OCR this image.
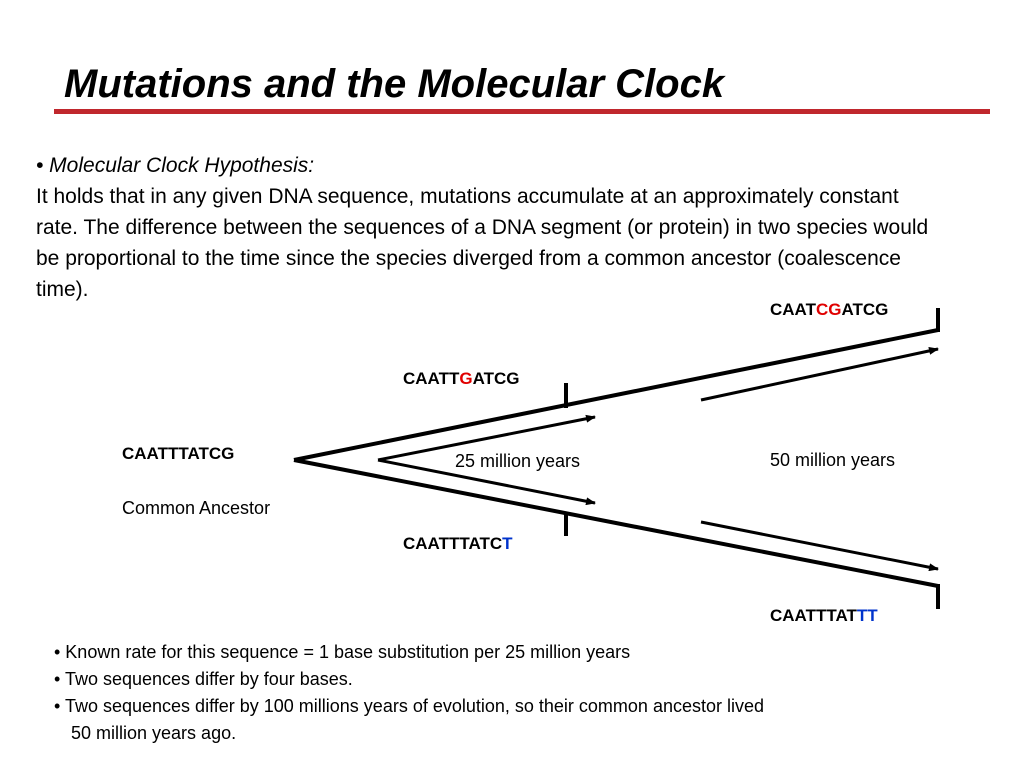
Mutations and the Molecular Clock
• Molecular Clock Hypothesis:
It holds that in any given DNA sequence, mutations accumulate at an approximately constant rate. The difference between the sequences of a DNA segment (or protein) in two species would be proportional to the time since the species diverged from a common ancestor (coalescence time).
CAATTTATCG
Common Ancestor
CAATTGATCG
CAATTTATCT
CAATCGATCG
CAATTTATTT
25 million years	50 million years
• Known rate for this sequence = 1 base substitution per 25 million years
• Two sequences differ by four bases.
• Two sequences differ by 100 millions years of evolution, so their common ancestor lived
50 million years ago.
